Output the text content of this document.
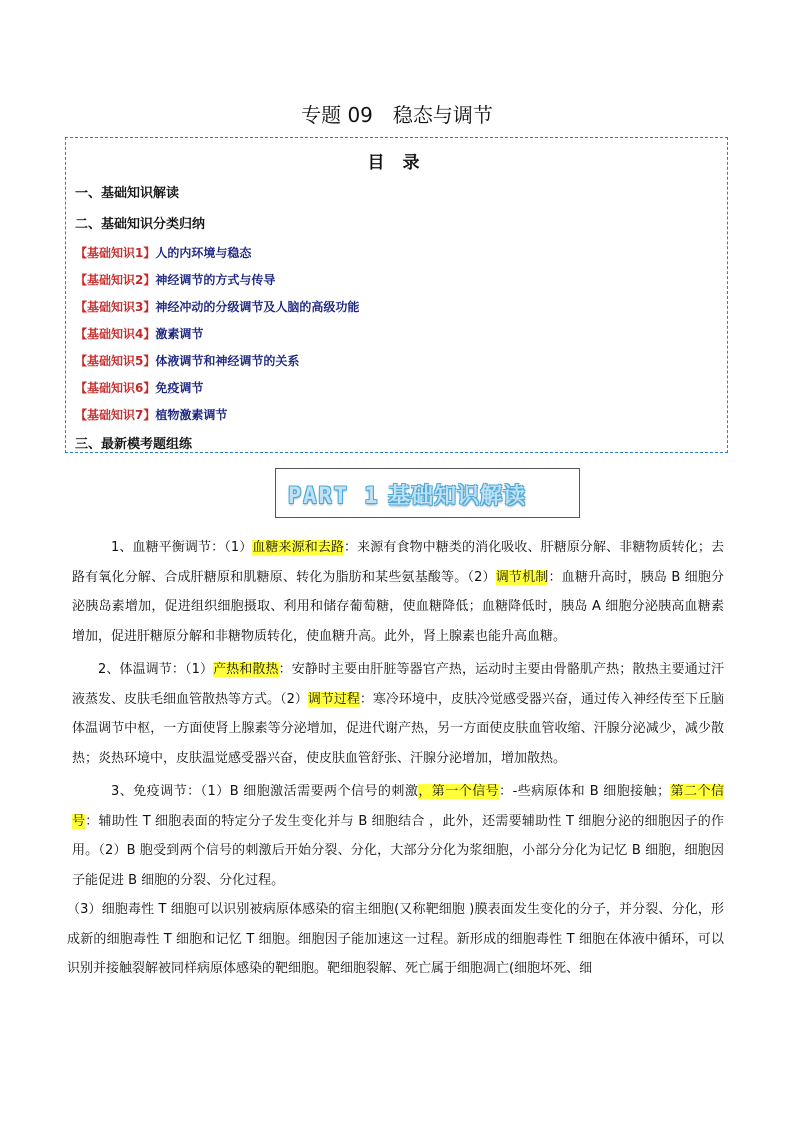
专题 09　稳态与调节
目 录
一、基础知识解读
二、基础知识分类归纳
【基础知识1】人的内环境与稳态
【基础知识2】神经调节的方式与传导
【基础知识3】神经冲动的分级调节及人脑的高级功能
【基础知识4】激素调节
【基础知识5】体液调节和神经调节的关系
【基础知识6】免疫调节
【基础知识7】植物激素调节
三、最新模考题组练
PART 1 基础知识解读

1、血糖平衡调节：（1）血糖来源和去路：来源有食物中糖类的消化吸收、肝糖原分解、非糖物质转化；去路有氧化分解、合成肝糖原和肌糖原、转化为脂肪和某些氨基酸等。（2）调节机制：血糖升高时，胰岛 B 细胞分泌胰岛素增加，促进组织细胞摄取、利用和储存葡萄糖，使血糖降低；血糖降低时，胰岛 A 细胞分泌胰高血糖素增加，促进肝糖原分解和非糖物质转化，使血糖升高。此外，肾上腺素也能升高血糖。

2、体温调节：（1）产热和散热：安静时主要由肝脏等器官产热，运动时主要由骨骼肌产热；散热主要通过汗液蒸发、皮肤毛细血管散热等方式。（2）调节过程：寒冷环境中，皮肤冷觉感受器兴奋，通过传入神经传至下丘脑体温调节中枢，一方面使肾上腺素等分泌增加，促进代谢产热，另一方面使皮肤血管收缩、汗腺分泌减少，减少散热；炎热环境中，皮肤温觉感受器兴奋，使皮肤血管舒张、汗腺分泌增加，增加散热。

3、免疫调节：（1）B 细胞激活需要两个信号的刺激，第一个信号：-些病原体和 B 细胞接触；第二个信号：辅助性 T 细胞表面的特定分子发生变化并与 B 细胞结合 ，此外，还需要辅助性 T 细胞分泌的细胞因子的作用。（2）B 胞受到两个信号的刺激后开始分裂、分化，大部分分化为浆细胞，小部分分化为记忆 B 细胞，细胞因子能促进 B 细胞的分裂、分化过程。

（3）细胞毒性 T 细胞可以识别被病原体感染的宿主细胞(又称靶细胞 )膜表面发生变化的分子，并分裂、分化，形成新的细胞毒性 T 细胞和记忆 T 细胞。细胞因子能加速这一过程。新形成的细胞毒性 T 细胞在体液中循环，可以识别并接触裂解被同样病原体感染的靶细胞。靶细胞裂解、死亡属于细胞凋亡(细胞坏死、细
